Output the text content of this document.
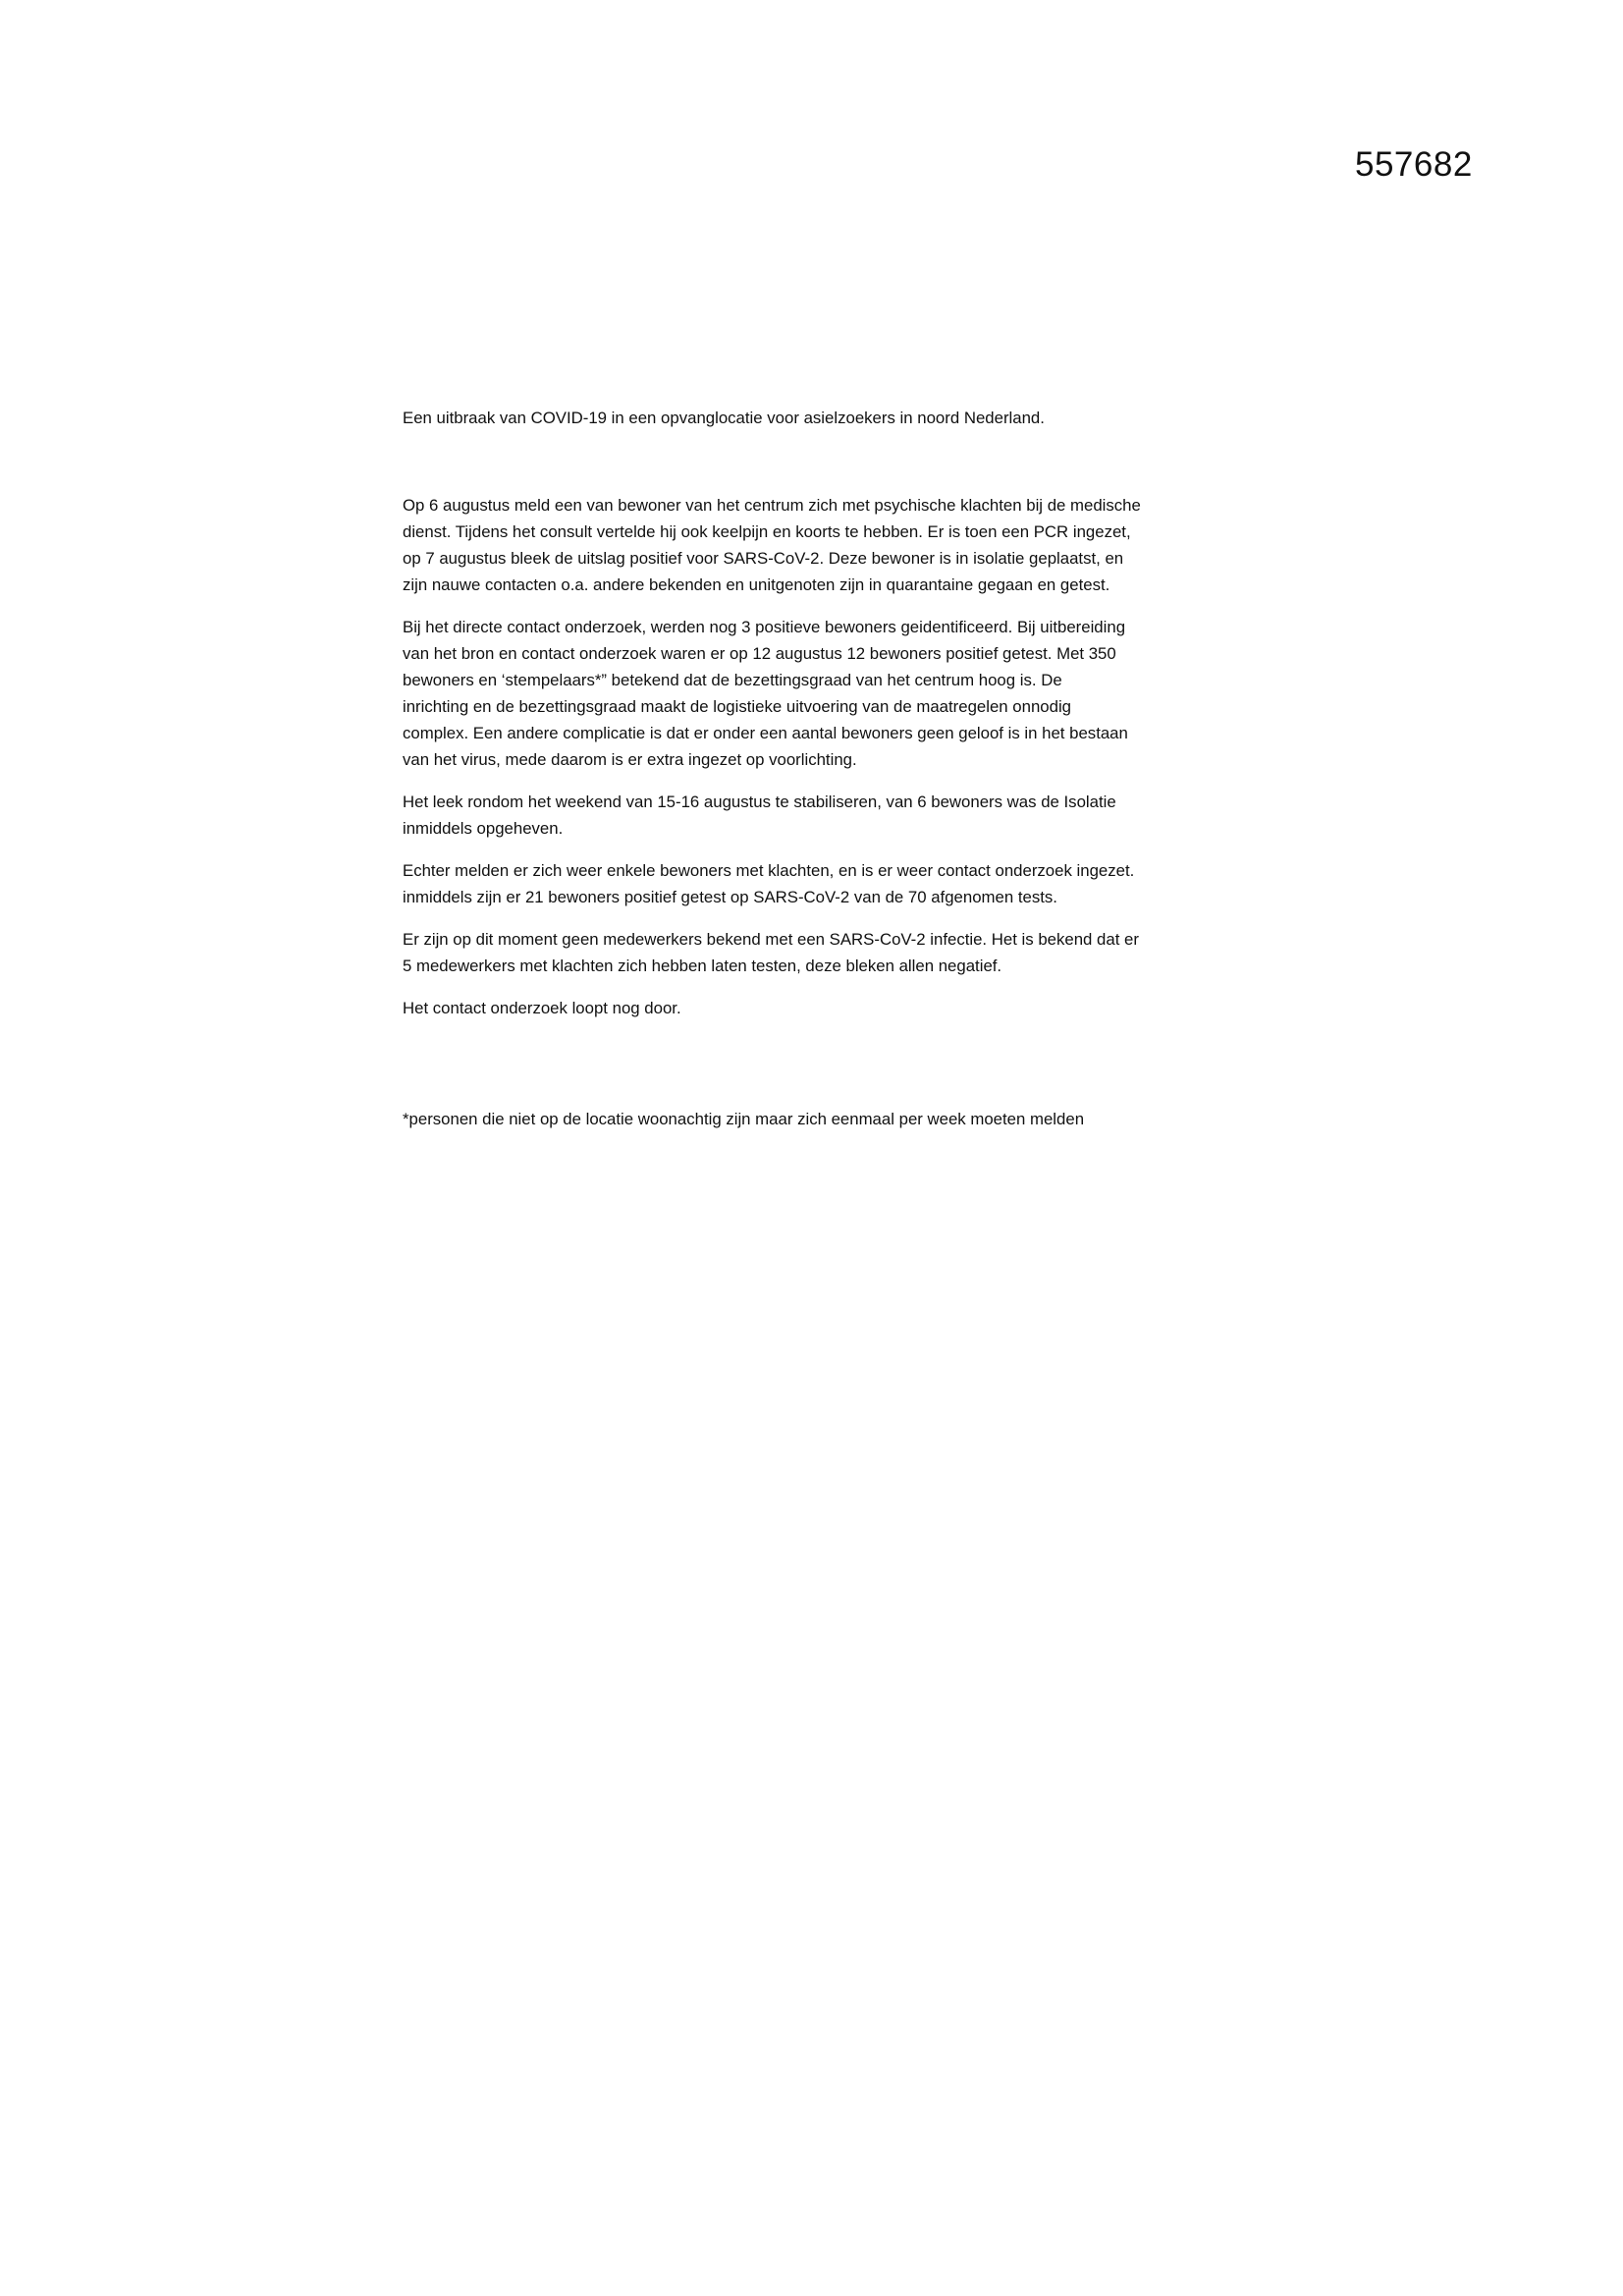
557682

Een uitbraak van COVID-19 in een opvanglocatie voor asielzoekers in noord Nederland.

Op 6 augustus meld een van bewoner van het centrum zich met psychische klachten bij de medische
dienst. Tijdens het consult vertelde hij ook keelpijn en koorts te hebben. Er is toen een PCR ingezet,
op 7 augustus bleek de uitslag positief voor SARS-CoV-2. Deze bewoner is in isolatie geplaatst, en
zijn nauwe contacten o.a. andere bekenden en unitgenoten zijn in quarantaine gegaan en getest.

Bij het directe contact onderzoek, werden nog 3 positieve bewoners geidentificeerd. Bij uitbereiding
van het bron en contact onderzoek waren er op 12 augustus 12 bewoners positief getest. Met 350
bewoners en ‘stempelaars*” betekend dat de bezettingsgraad van het centrum hoog is. De
inrichting en de bezettingsgraad maakt de logistieke uitvoering van de maatregelen onnodig
complex. Een andere complicatie is dat er onder een aantal bewoners geen geloof is in het bestaan
van het virus, mede daarom is er extra ingezet op voorlichting.

Het leek rondom het weekend van 15-16 augustus te stabiliseren, van 6 bewoners was de Isolatie
inmiddels opgeheven.

Echter melden er zich weer enkele bewoners met klachten, en is er weer contact onderzoek ingezet.
inmiddels zijn er 21 bewoners positief getest op SARS-CoV-2 van de 70 afgenomen tests.

Er zijn op dit moment geen medewerkers bekend met een SARS-CoV-2 infectie. Het is bekend dat er
5 medewerkers met klachten zich hebben laten testen, deze bleken allen negatief.

Het contact onderzoek loopt nog door.

*personen die niet op de locatie woonachtig zijn maar zich eenmaal per week moeten melden
